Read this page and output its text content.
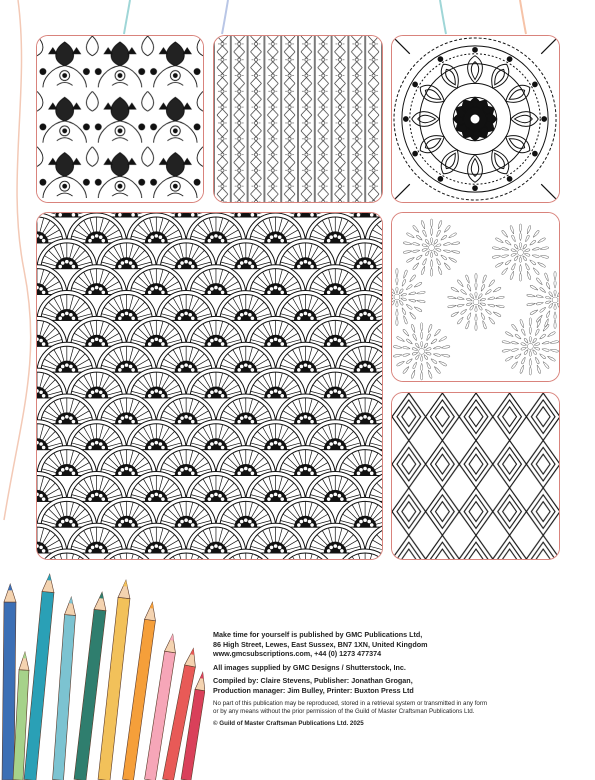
Make time for yourself is published by GMC Publications Ltd,
86 High Street, Lewes, East Sussex, BN7 1XN, United Kingdom
www.gmcsubscriptions.com, +44 (0) 1273 477374

All images supplied by GMC Designs / Shutterstock, Inc.

Compiled by: Claire Stevens, Publisher: Jonathan Grogan,
Production manager: Jim Bulley, Printer: Buxton Press Ltd

No part of this publication may be reproduced, stored in a retrieval system or transmitted in any form
or by any means without the prior permission of the Guild of Master Craftsman Publications Ltd.

© Guild of Master Craftsman Publications Ltd. 2025
